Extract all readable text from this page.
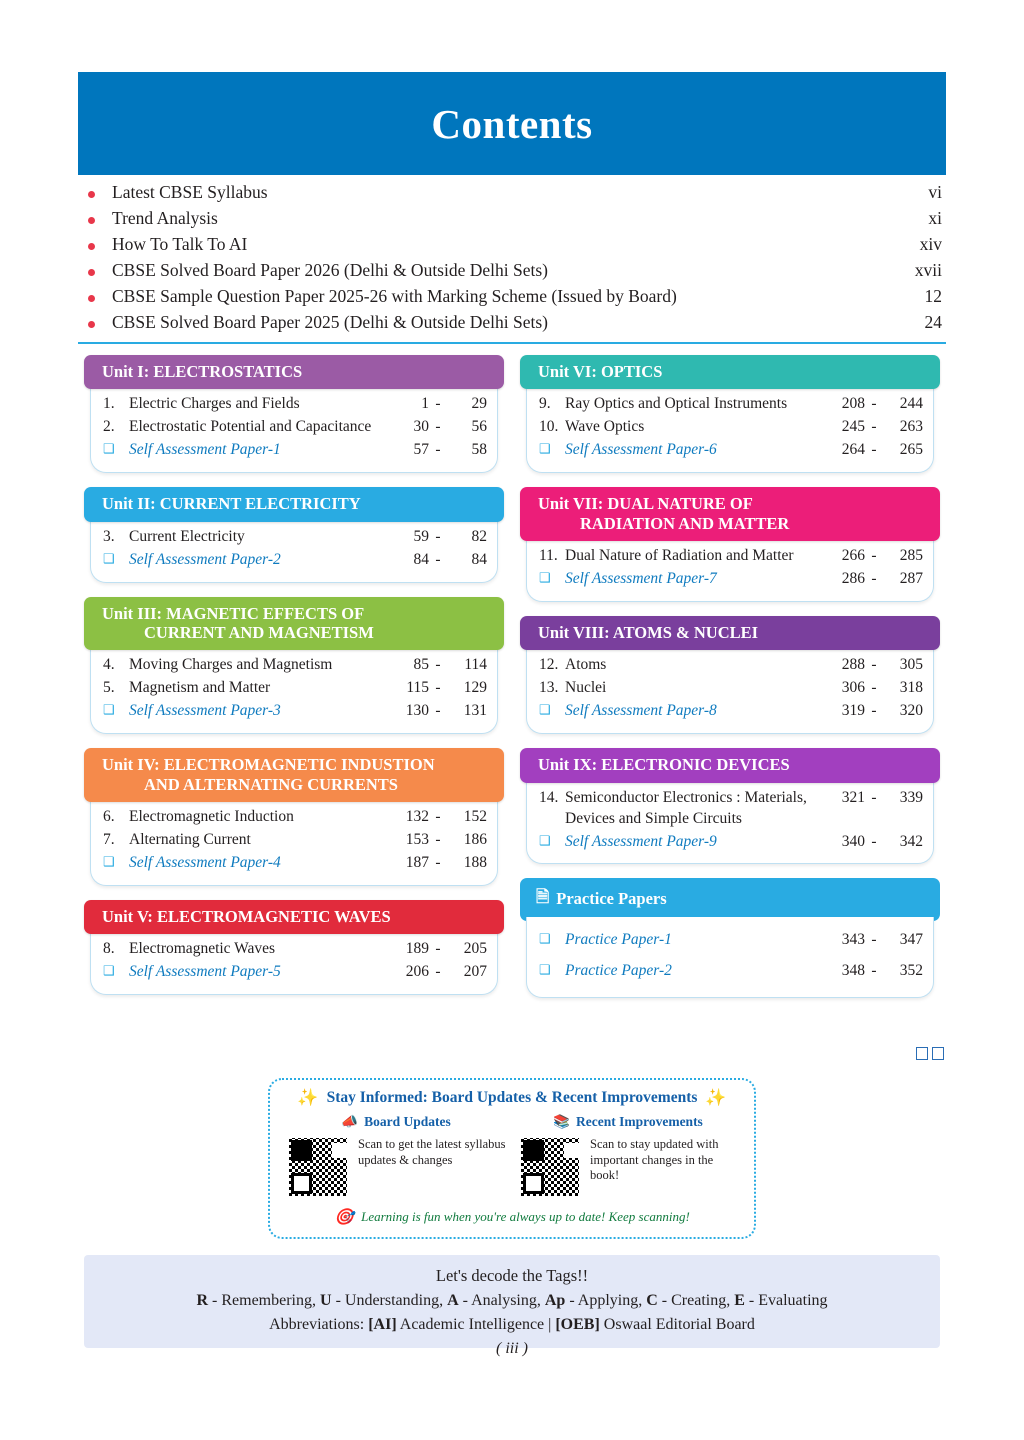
Contents
Latest CBSE Syllabus	vi
Trend Analysis	xi
How To Talk To AI	xiv
CBSE Solved Board Paper 2026 (Delhi & Outside Delhi Sets)	xvii
CBSE Sample Question Paper 2025-26 with Marking Scheme (Issued by Board)	12
CBSE Solved Board Paper 2025 (Delhi & Outside Delhi Sets)	24
Unit I: ELECTROSTATICS
1. Electric Charges and Fields	1 -	29
2. Electrostatic Potential and Capacitance	30 -	56
❑ Self Assessment Paper-1	57 -	58
Unit II: CURRENT ELECTRICITY
3. Current Electricity	59 -	82
❑ Self Assessment Paper-2	84 -	84
Unit III: MAGNETIC EFFECTS OF
CURRENT AND MAGNETISM
4. Moving Charges and Magnetism	85 -	114
5. Magnetism and Matter	115 -	129
❑ Self Assessment Paper-3	130 -	131
Unit IV: ELECTROMAGNETIC INDUSTION
AND ALTERNATING CURRENTS
6. Electromagnetic Induction	132 -	152
7. Alternating Current	153 -	186
❑ Self Assessment Paper-4	187 -	188
Unit V: ELECTROMAGNETIC WAVES
8. Electromagnetic Waves	189 -	205
❑ Self Assessment Paper-5	206 -	207
Unit VI: OPTICS
9. Ray Optics and Optical Instruments	208 -	244
10. Wave Optics	245 -	263
❑ Self Assessment Paper-6	264 -	265
Unit VII: DUAL NATURE OF
RADIATION AND MATTER
11. Dual Nature of Radiation and Matter	266 -	285
❑ Self Assessment Paper-7	286 -	287
Unit VIII: ATOMS & NUCLEI
12. Atoms	288 -	305
13. Nuclei	306 -	318
❑ Self Assessment Paper-8	319 -	320
Unit IX: ELECTRONIC DEVICES
14. Semiconductor Electronics : Materials, Devices and Simple Circuits
321 -	339
❑ Self Assessment Paper-9	340 -	342
🗎 Practice Papers
❑ Practice Paper-1	343 -	347
❑ Practice Paper-2	348 -	352
✨ Stay Informed: Board Updates & Recent Improvements ✨
📣 Board Updates
Scan to get the latest syllabus updates & changes
📚 Recent Improvements
Scan to stay updated with important changes in the book!
🎯 Learning is fun when you're always up to date! Keep scanning!
Let's decode the Tags!!
R - Remembering, U - Understanding, A - Analysing, Ap - Applying, C - Creating, E - Evaluating
Abbreviations: [AI] Academic Intelligence | [OEB] Oswaal Editorial Board
( iii )
